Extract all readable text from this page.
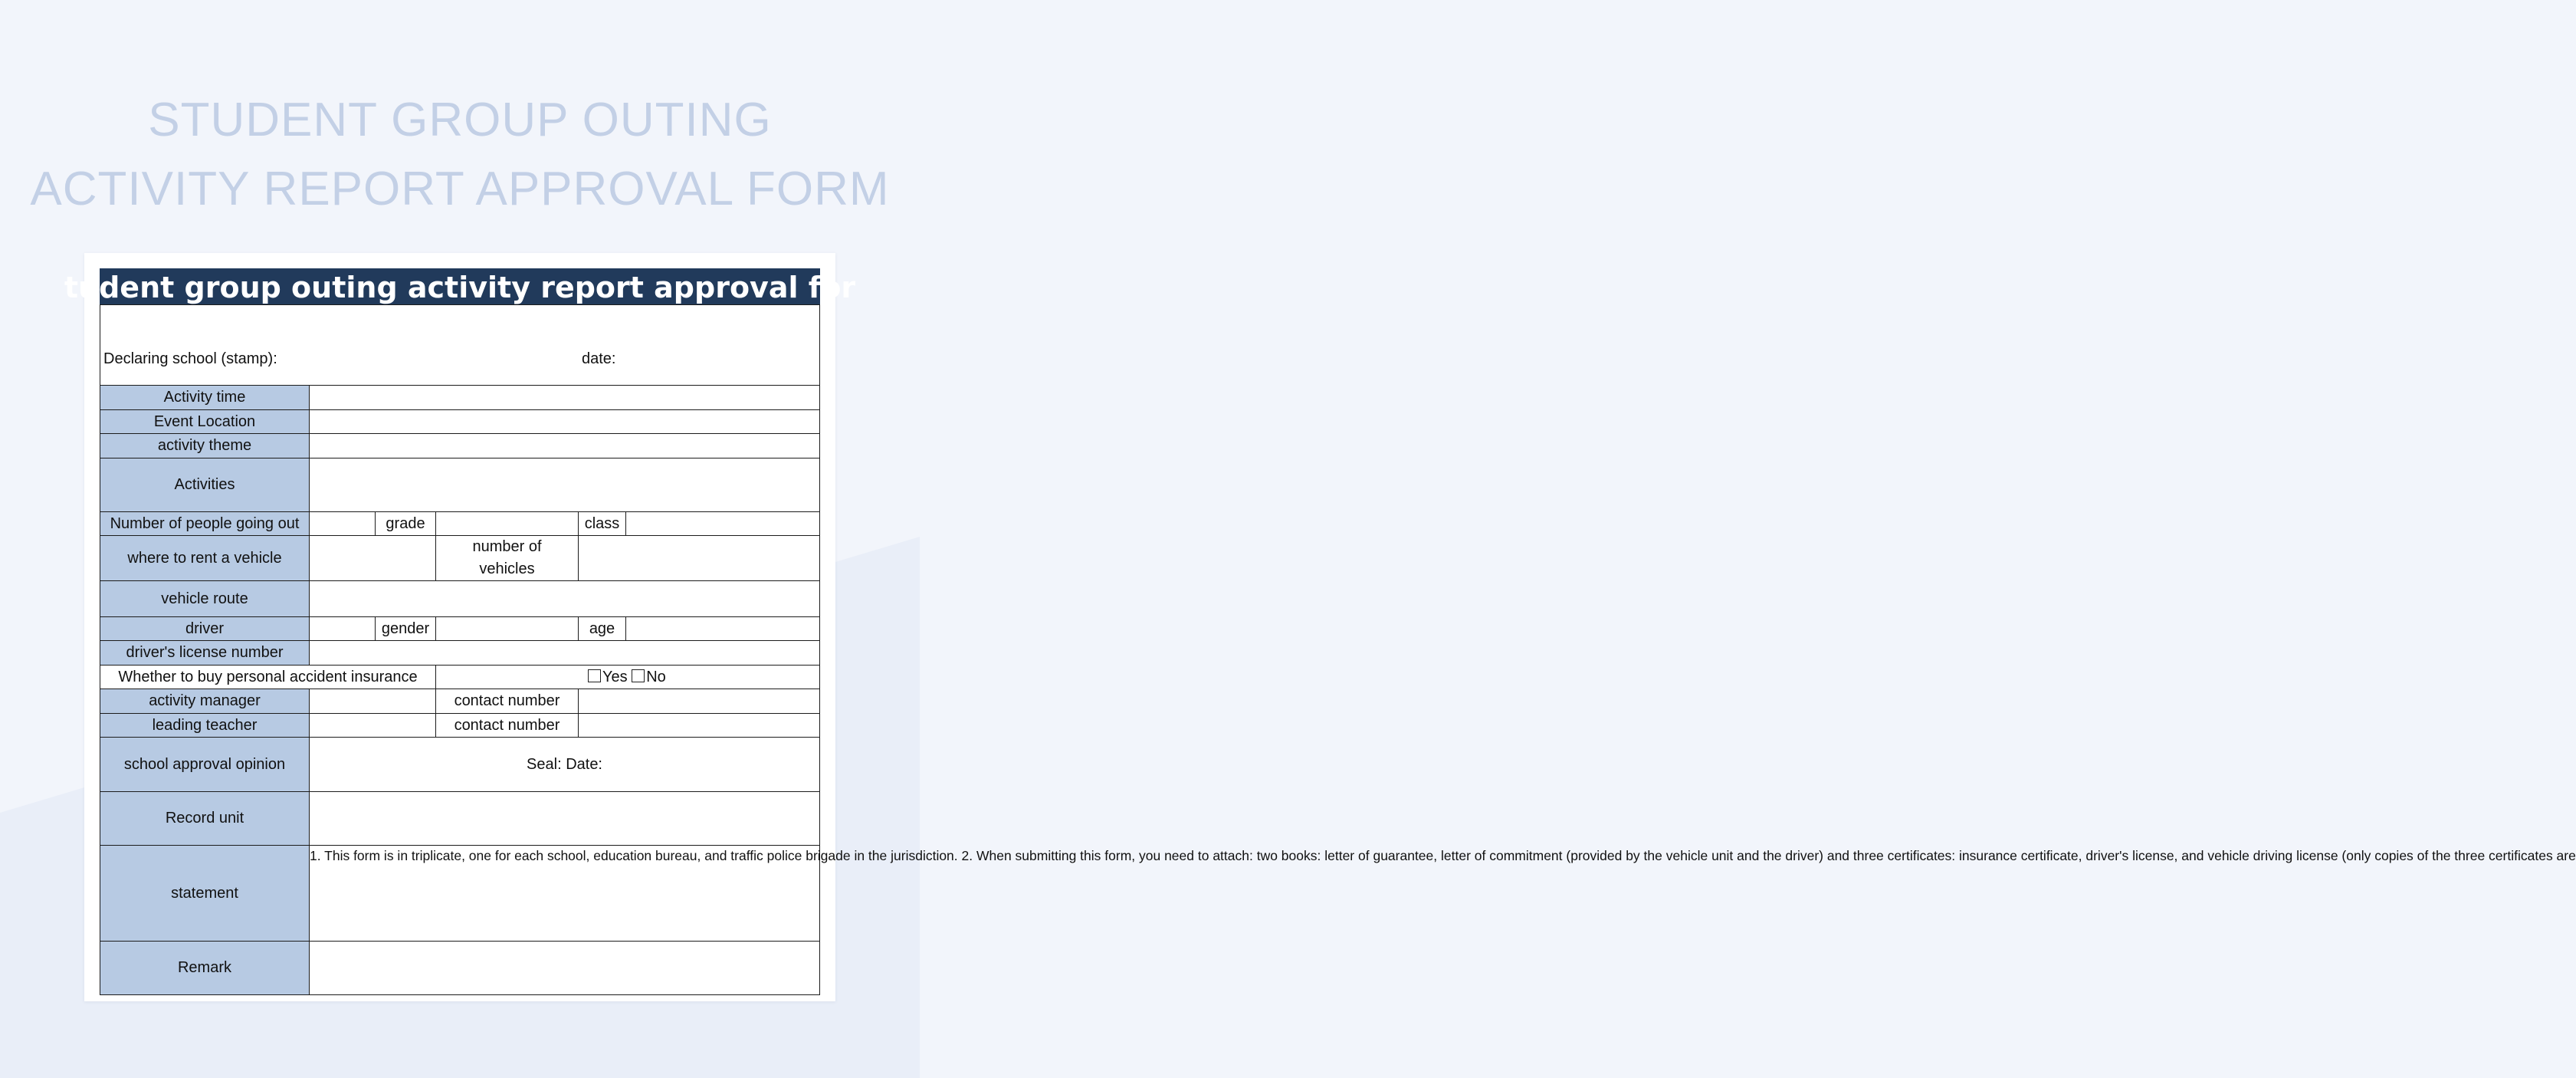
STUDENT GROUP OUTING
ACTIVITY REPORT APPROVAL FORM
tudent group outing activity report approval for
Declaring school (stamp): date:					

Activity time					
Event Location					
activity theme					
Activities					
Number of people going out		grade		class	
where to rent a vehicle			number of vehicles		
vehicle route					
driver		gender		age	
driver's license number					
Whether to buy personal accident insurance			Yes No		
activity manager			contact number		
leading teacher			contact number		
school approval opinion	Seal: Date:				
Record unit					
statement	1. This form is in triplicate, one for each school, education bureau, and traffic police brigade in the jurisdiction. 2. When submitting this form, you need to attach: two books: letter of guarantee, letter of commitment (provided by the vehicle unit and the driver) and three certificates: insurance certificate, driver's license, and vehicle driving license (only copies of the three certificates are				

Remark					
